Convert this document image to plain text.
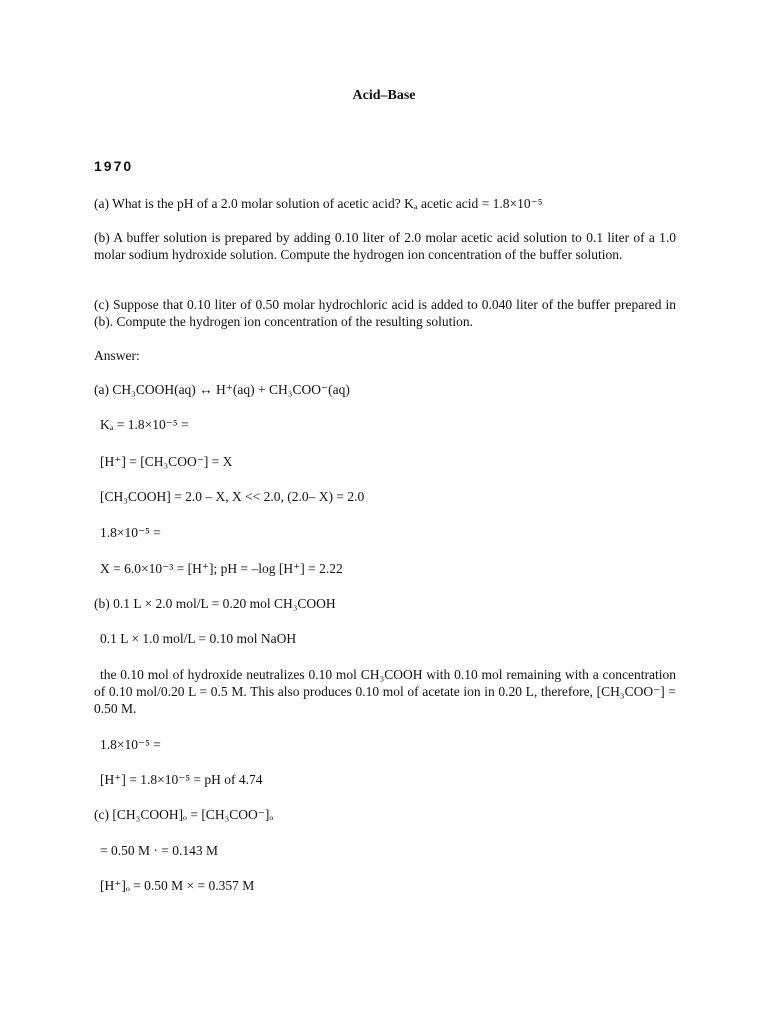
Acid–Base
1970
(a) What is the pH of a 2.0 molar solution of acetic acid? Kₐ acetic acid = 1.8×10⁻⁵
(b) A buffer solution is prepared by adding 0.10 liter of 2.0 molar acetic acid solution to 0.1 liter of a 1.0 molar sodium hydroxide solution. Compute the hydrogen ion concentration of the buffer solution.
(c) Suppose that 0.10 liter of 0.50 molar hydrochloric acid is added to 0.040 liter of the buffer prepared in (b). Compute the hydrogen ion concentration of the resulting solution.
Answer:
(a) CH₃COOH(aq) ↔ H⁺(aq) + CH₃COO⁻(aq)
Kₐ = 1.8×10⁻⁵ =
[H⁺] = [CH₃COO⁻] = X
[CH₃COOH] = 2.0 – X, X << 2.0, (2.0– X) = 2.0
1.8×10⁻⁵ =
X = 6.0×10⁻³ = [H⁺]; pH = –log [H⁺] = 2.22
(b) 0.1 L × 2.0 mol/L = 0.20 mol CH₃COOH
0.1 L × 1.0 mol/L = 0.10 mol NaOH
the 0.10 mol of hydroxide neutralizes 0.10 mol CH₃COOH with 0.10 mol remaining with a concentration of 0.10 mol/0.20 L = 0.5 M. This also produces 0.10 mol of acetate ion in 0.20 L, therefore, [CH₃COO⁻] = 0.50 M.
1.8×10⁻⁵ =
[H⁺] = 1.8×10⁻⁵ = pH of 4.74
(c) [CH₃COOH]ₒ = [CH₃COO⁻]ₒ
= 0.50 M · = 0.143 M
[H⁺]ₒ = 0.50 M × = 0.357 M
